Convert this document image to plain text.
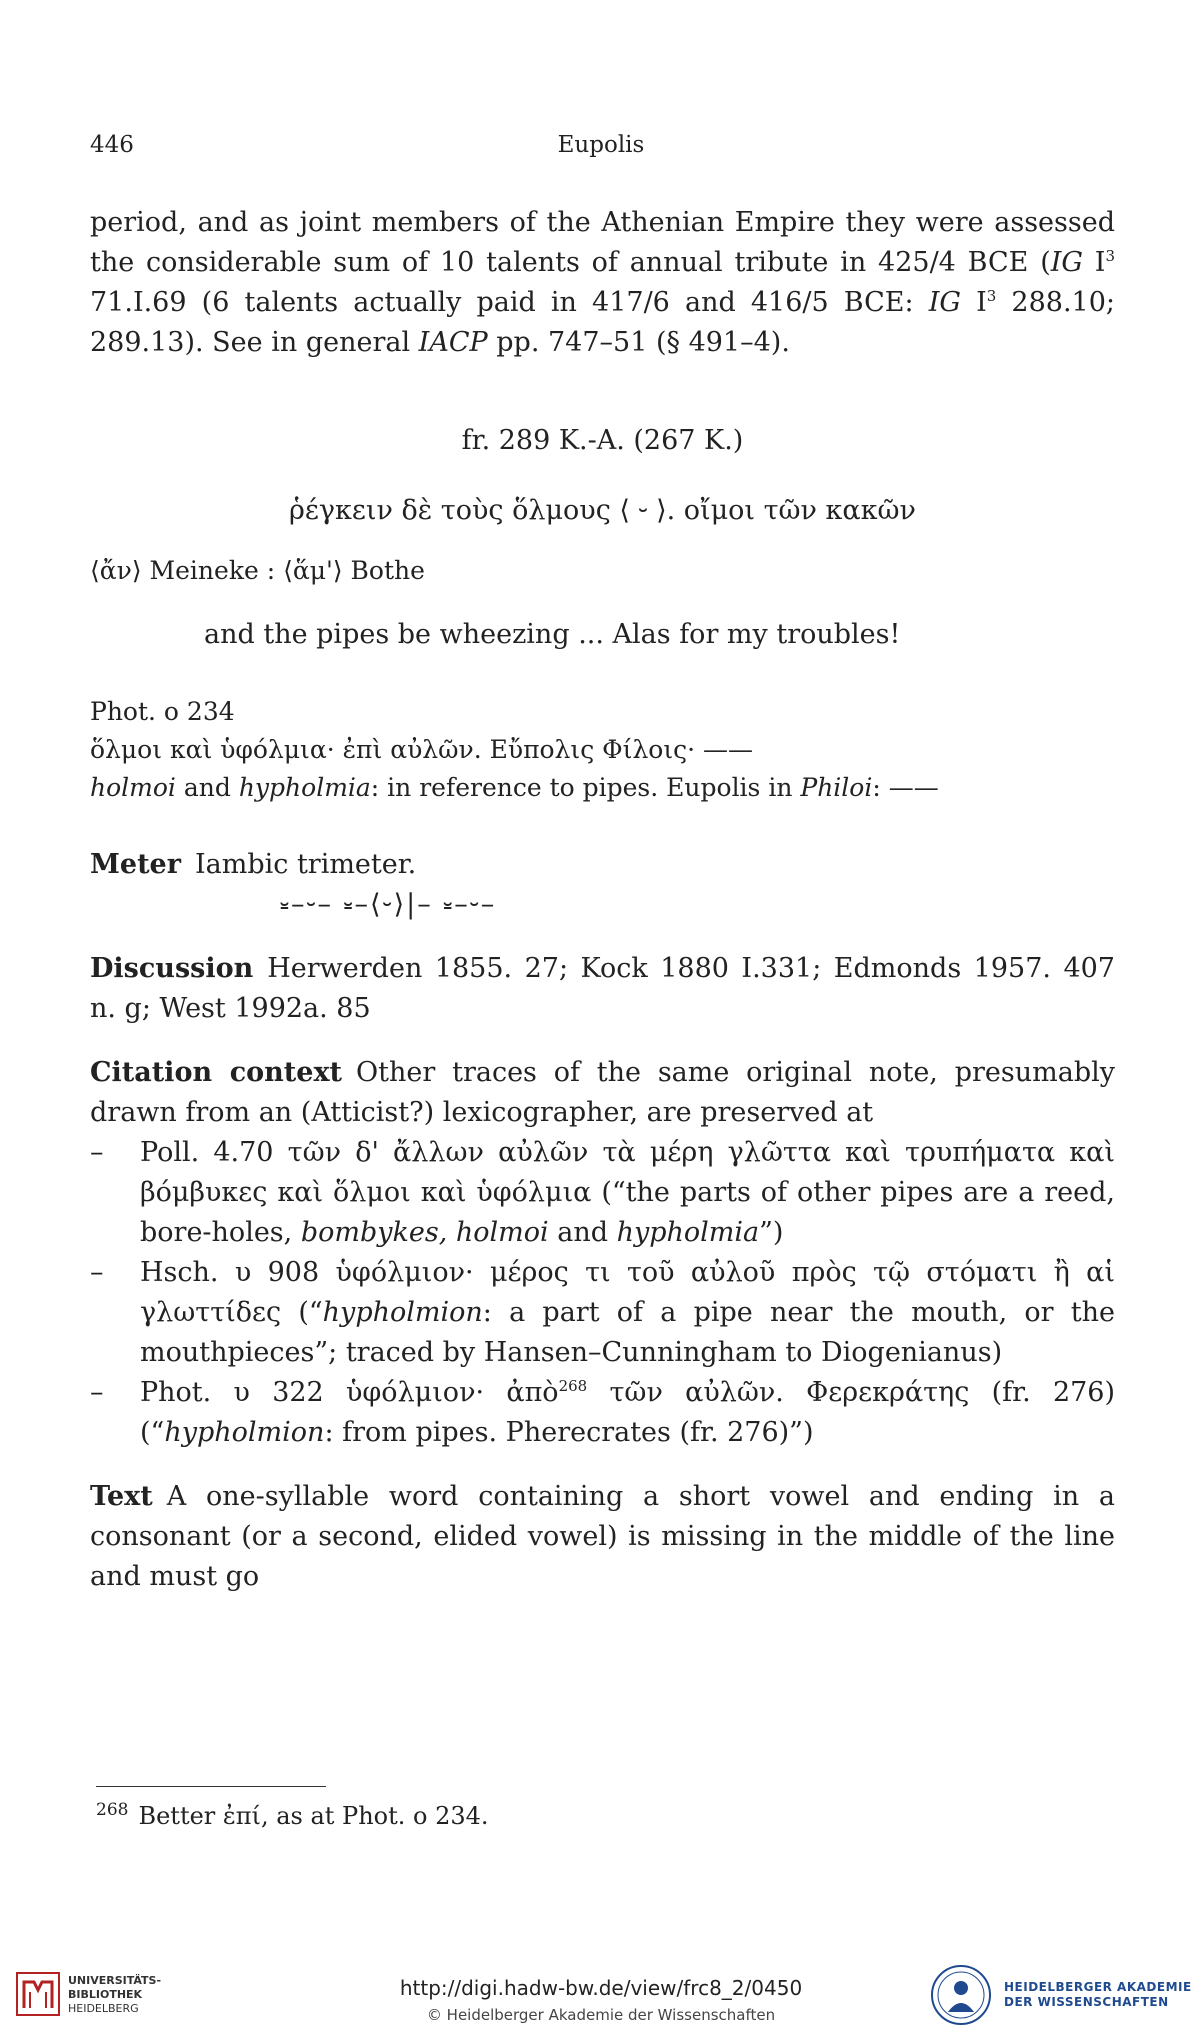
446	Eupolis

period, and as joint members of the Athenian Empire they were assessed the considerable sum of 10 talents of annual tribute in 425/4 BCE (IG $I^3$ 71.I.69 (6 talents actually paid in 417/6 and 416/5 BCE: IG $I^3$ 288.10; 289.13). See in general IACP pp. 747–51 (§ 491–4).

fr. 289 K.-A. (267 K.)
ῥέγκειν δὲ τοὺς ὅλμους ⟨ ⏑ ⟩. οἴμοι τῶν κακῶν
⟨ἄν⟩ Meineke : ⟨ἅμ'⟩ Bothe
and the pipes be wheezing ... Alas for my troubles!
Phot. ο 234
ὅλμοι καὶ ὑφόλμια· ἐπὶ αὐλῶν. Εὔπολις Φίλοις· ——
holmoi and hypholmia: in reference to pipes. Eupolis in Philoi: ——
Meter Iambic trimeter.
⏓–⏑– ⏓–⟨⏑⟩|– ⏓–⏑–
Discussion Herwerden 1855. 27; Kock 1880 I.331; Edmonds 1957. 407 n. g; West 1992a. 85

Citation context Other traces of the same original note, presumably drawn from an (Atticist?) lexicographer, are preserved at

– Poll. 4.70 τῶν δ' ἄλλων αὐλῶν τὰ μέρη γλῶττα καὶ τρυπήματα καὶ βόμβυκες καὶ ὅλμοι καὶ ὑφόλμια (“the parts of other pipes are a reed, bore-holes, bombykes, holmoi and hypholmia”)
– Hsch. υ 908 ὑφόλμιον· μέρος τι τοῦ αὐλοῦ πρὸς τῷ στόματι ἢ αἱ γλωττίδες (“hypholmion: a part of a pipe near the mouth, or the mouthpieces”; traced by Hansen–Cunningham to Diogenianus)
– Phot. υ 322 ὑφόλμιον· ἀπὸ$^{268}$ τῶν αὐλῶν. Φερεκράτης (fr. 276) (“hypholmion: from pipes. Pherecrates (fr. 276)”)

Text A one-syllable word containing a short vowel and ending in a consonant (or a second, elided vowel) is missing in the middle of the line and must go

$^{268}$ Better ἐπί, as at Phot. ο 234.
UNIVERSITÄTS-
BIBLIOTHEK
HEIDELBERG
http://digi.hadw-bw.de/view/frc8_2/0450
© Heidelberger Akademie der Wissenschaften
HEIDELBERGER AKADEMIE
DER WISSENSCHAFTEN
